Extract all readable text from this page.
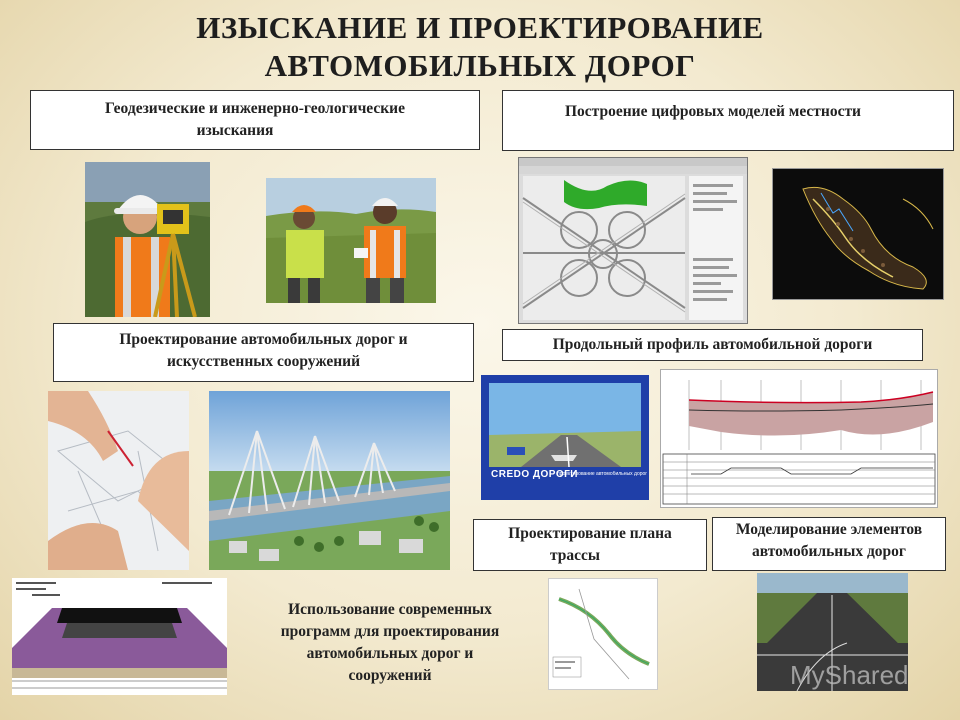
ИЗЫСКАНИЕ И ПРОЕКТИРОВАНИЕ
АВТОМОБИЛЬНЫХ ДОРОГ
Геодезические и инженерно-геологические
изыскания
Построение цифровых моделей местности
Проектирование автомобильных дорог и
искусственных сооружений
Продольный профиль автомобильной дороги
CREDO ДОРОГИ
проектирование автомобильных дорог
Проектирование плана
трассы
Моделирование элементов
автомобильных дорог
Использование современных
программ для проектирования
автомобильных дорог и
сооружений	MyShared
